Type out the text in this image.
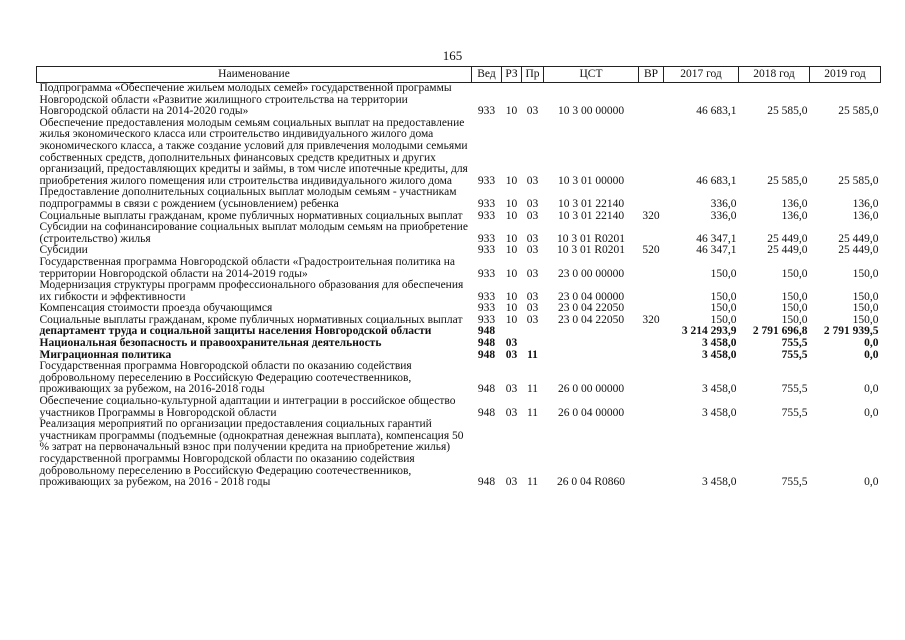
165
Наименование	Вед	РЗ	Пр	ЦСТ	ВР	2017 год	2018 год	2019 год
Подпрограмма «Обеспечение жильем молодых семей» государственной программы Новгородской области «Развитие жилищного строительства на территории Новгородской области на 2014-2020 годы»	933	10	03	10 3 00 00000		46 683,1	25 585,0	25 585,0
Обеспечение предоставления молодым семьям социальных выплат на предоставление жилья экономического класса или строительство индивидуального жилого дома экономического класса, а также создание условий для привлечения молодыми семьями собственных средств, дополнительных финансовых средств кредитных и других организаций, предоставляющих кредиты и займы, в том числе ипотечные кредиты, для приобретения жилого помещения или строительства индивидуального жилого дома	933	10	03	10 3 01 00000		46 683,1	25 585,0	25 585,0
Предоставление дополнительных социальных выплат молодым семьям - участникам подпрограммы в связи с рождением (усыновлением) ребенка	933	10	03	10 3 01 22140		336,0	136,0	136,0
Социальные выплаты гражданам, кроме публичных нормативных социальных выплат	933	10	03	10 3 01 22140	320	336,0	136,0	136,0
Субсидии на софинансирование социальных выплат молодым семьям на приобретение (строительство) жилья	933	10	03	10 3 01 R0201		46 347,1	25 449,0	25 449,0
Субсидии	933	10	03	10 3 01 R0201	520	46 347,1	25 449,0	25 449,0
Государственная программа Новгородской области «Градостроительная политика на территории Новгородской области на 2014-2019 годы»	933	10	03	23 0 00 00000		150,0	150,0	150,0
Модернизация структуры программ профессионального образования для обеспечения их гибкости и эффективности	933	10	03	23 0 04 00000		150,0	150,0	150,0
Компенсация стоимости проезда обучающимся	933	10	03	23 0 04 22050		150,0	150,0	150,0
Социальные выплаты гражданам, кроме публичных нормативных социальных выплат	933	10	03	23 0 04 22050	320	150,0	150,0	150,0
департамент труда и социальной защиты населения Новгородской области	948					3 214 293,9	2 791 696,8	2 791 939,5
Национальная безопасность и правоохранительная деятельность	948	03				3 458,0	755,5	0,0
Миграционная политика	948	03	11			3 458,0	755,5	0,0
Государственная программа Новгородской области по оказанию содействия добровольному переселению в Российскую Федерацию соотечественников, проживающих за рубежом, на 2016-2018 годы	948	03	11	26 0 00 00000		3 458,0	755,5	0,0
Обеспечение социально-культурной адаптации и интеграции в российское общество участников Программы в Новгородской области	948	03	11	26 0 04 00000		3 458,0	755,5	0,0
Реализация мероприятий по организации предоставления социальных гарантий участникам программы (подъемные (однократная денежная выплата), компенсация 50 % затрат на первоначальный взнос при получении кредита на приобретение жилья) государственной программы Новгородской области по оказанию содействия добровольному переселению в Российскую Федерацию соотечественников, проживающих за рубежом, на 2016 - 2018 годы	948	03	11	26 0 04 R0860		3 458,0	755,5	0,0
